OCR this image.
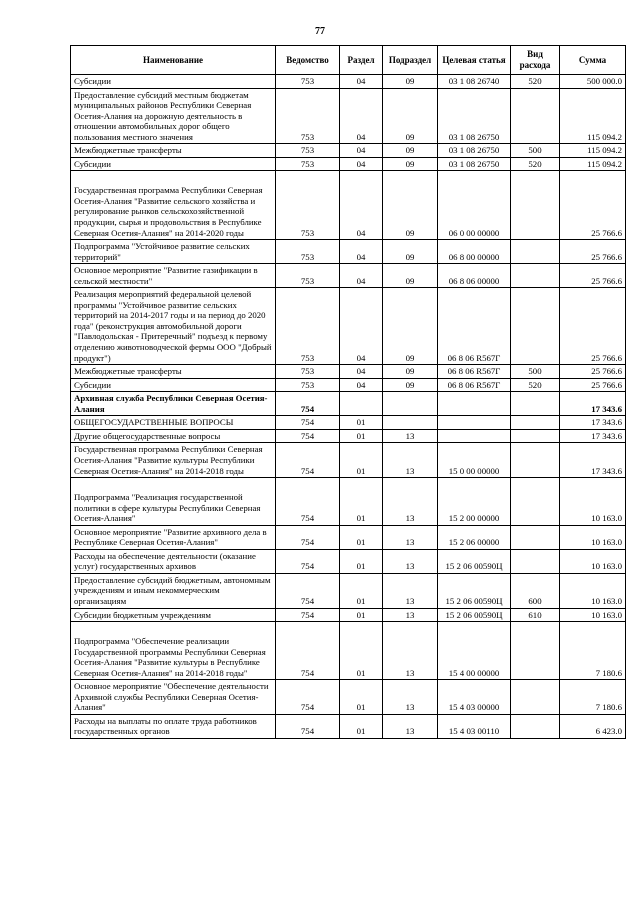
77
Наименование	Ведомство	Раздел	Подраздел	Целевая статья	Вид расхода	Сумма
Субсидии	753	04	09	03 1 08 26740	520	500 000.0
Предоставление субсидий местным бюджетам муниципальных районов Республики Северная Осетия-Алания на дорожную деятельность в отношении автомобильных дорог общего пользования местного значения	753	04	09	03 1 08 26750		115 094.2
Межбюджетные трансферты	753	04	09	03 1 08 26750	500	115 094.2
Субсидии	753	04	09	03 1 08 26750	520	115 094.2
Государственная программа Республики Северная Осетия-Алания "Развитие сельского хозяйства и регулирование рынков сельскохозяйственной продукции, сырья и продовольствия в Республике Северная Осетия-Алания" на 2014-2020 годы	753	04	09	06 0 00 00000		25 766.6
Подпрограмма "Устойчивое развитие сельских территорий"	753	04	09	06 8 00 00000		25 766.6
Основное мероприятие "Развитие газификации в сельской местности"	753	04	09	06 8 06 00000		25 766.6
Реализация мероприятий федеральной целевой программы "Устойчивое развитие сельских территорий на 2014-2017 годы и на период до 2020 года" (реконструкция автомобильной дороги "Павлодольская - Притеречный" подъезд к первому отделению животноводческой фермы ООО "Добрый продукт")	753	04	09	06 8 06 R567Г		25 766.6
Межбюджетные трансферты	753	04	09	06 8 06 R567Г	500	25 766.6
Субсидии	753	04	09	06 8 06 R567Г	520	25 766.6
Архивная служба Республики Северная Осетия-Алания	754					17 343.6
ОБЩЕГОСУДАРСТВЕННЫЕ ВОПРОСЫ	754	01				17 343.6
Другие общегосударственные вопросы	754	01	13			17 343.6
Государственная программа Республики Северная Осетия-Алания "Развитие культуры Республики Северная Осетия-Алания" на 2014-2018 годы	754	01	13	15 0 00 00000		17 343.6
Подпрограмма "Реализация государственной политики в сфере культуры Республики Северная Осетия-Алания"	754	01	13	15 2 00 00000		10 163.0
Основное мероприятие "Развитие архивного дела в Республике Северная Осетия-Алания"	754	01	13	15 2 06 00000		10 163.0
Расходы на обеспечение деятельности (оказание услуг) государственных архивов	754	01	13	15 2 06 00590Ц		10 163.0
Предоставление субсидий бюджетным, автономным учреждениям и иным некоммерческим организациям	754	01	13	15 2 06 00590Ц	600	10 163.0
Субсидии бюджетным учреждениям	754	01	13	15 2 06 00590Ц	610	10 163.0
Подпрограмма "Обеспечение реализации Государственной программы Республики Северная Осетия-Алания "Развитие культуры в Республике Северная Осетия-Алания" на 2014-2018 годы"	754	01	13	15 4 00 00000		7 180.6
Основное мероприятие "Обеспечение деятельности Архивной службы Республики Северная Осетия-Алания"	754	01	13	15 4 03 00000		7 180.6
Расходы на выплаты по оплате труда работников государственных органов	754	01	13	15 4 03 00110		6 423.0
